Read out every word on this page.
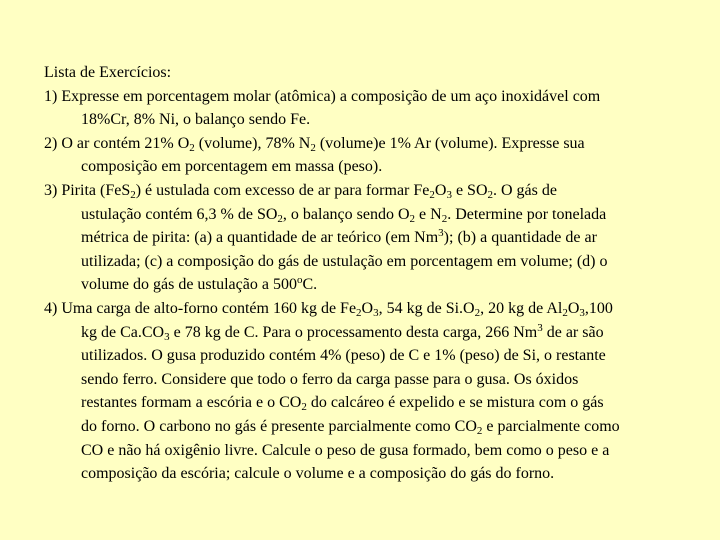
Lista de Exercícios:
1) Expresse em porcentagem molar (atômica) a composição de um aço inoxidável com
18%Cr, 8% Ni, o balanço sendo Fe.
2) O ar contém 21% $O_2$ (volume), 78% $N_2$ (volume)e 1% Ar (volume). Expresse sua
composição em porcentagem em massa (peso).
3) Pirita (FeS$_2$) é ustulada com excesso de ar para formar $Fe_2O_3$ e $SO_2$. O gás de
ustulação contém 6,3 % de $SO_2$, o balanço sendo $O_2$ e $N_2$. Determine por tonelada
métrica de pirita: (a) a quantidade de ar teórico (em Nm$^3$); (b) a quantidade de ar
utilizada; (c) a composição do gás de ustulação em porcentagem em volume; (d) o
volume do gás de ustulação a 500$^o$C.
4) Uma carga de alto-forno contém 160 kg de $Fe_2O_3$, 54 kg de $Si.O_2$, 20 kg de $Al_2O_3,100$
kg de $Ca.CO_3$ e 78 kg de C. Para o processamento desta carga, 266 Nm$^3$ de ar são
utilizados. O gusa produzido contém 4% (peso) de C e 1% (peso) de Si, o restante
sendo ferro. Considere que todo o ferro da carga passe para o gusa. Os óxidos
restantes formam a escória e o $CO_2$ do calcáreo é expelido e se mistura com o gás
do forno. O carbono no gás é presente parcialmente como $CO_2$ e parcialmente como
CO e não há oxigênio livre. Calcule o peso de gusa formado, bem como o peso e a
composição da escória; calcule o volume e a composição do gás do forno.
